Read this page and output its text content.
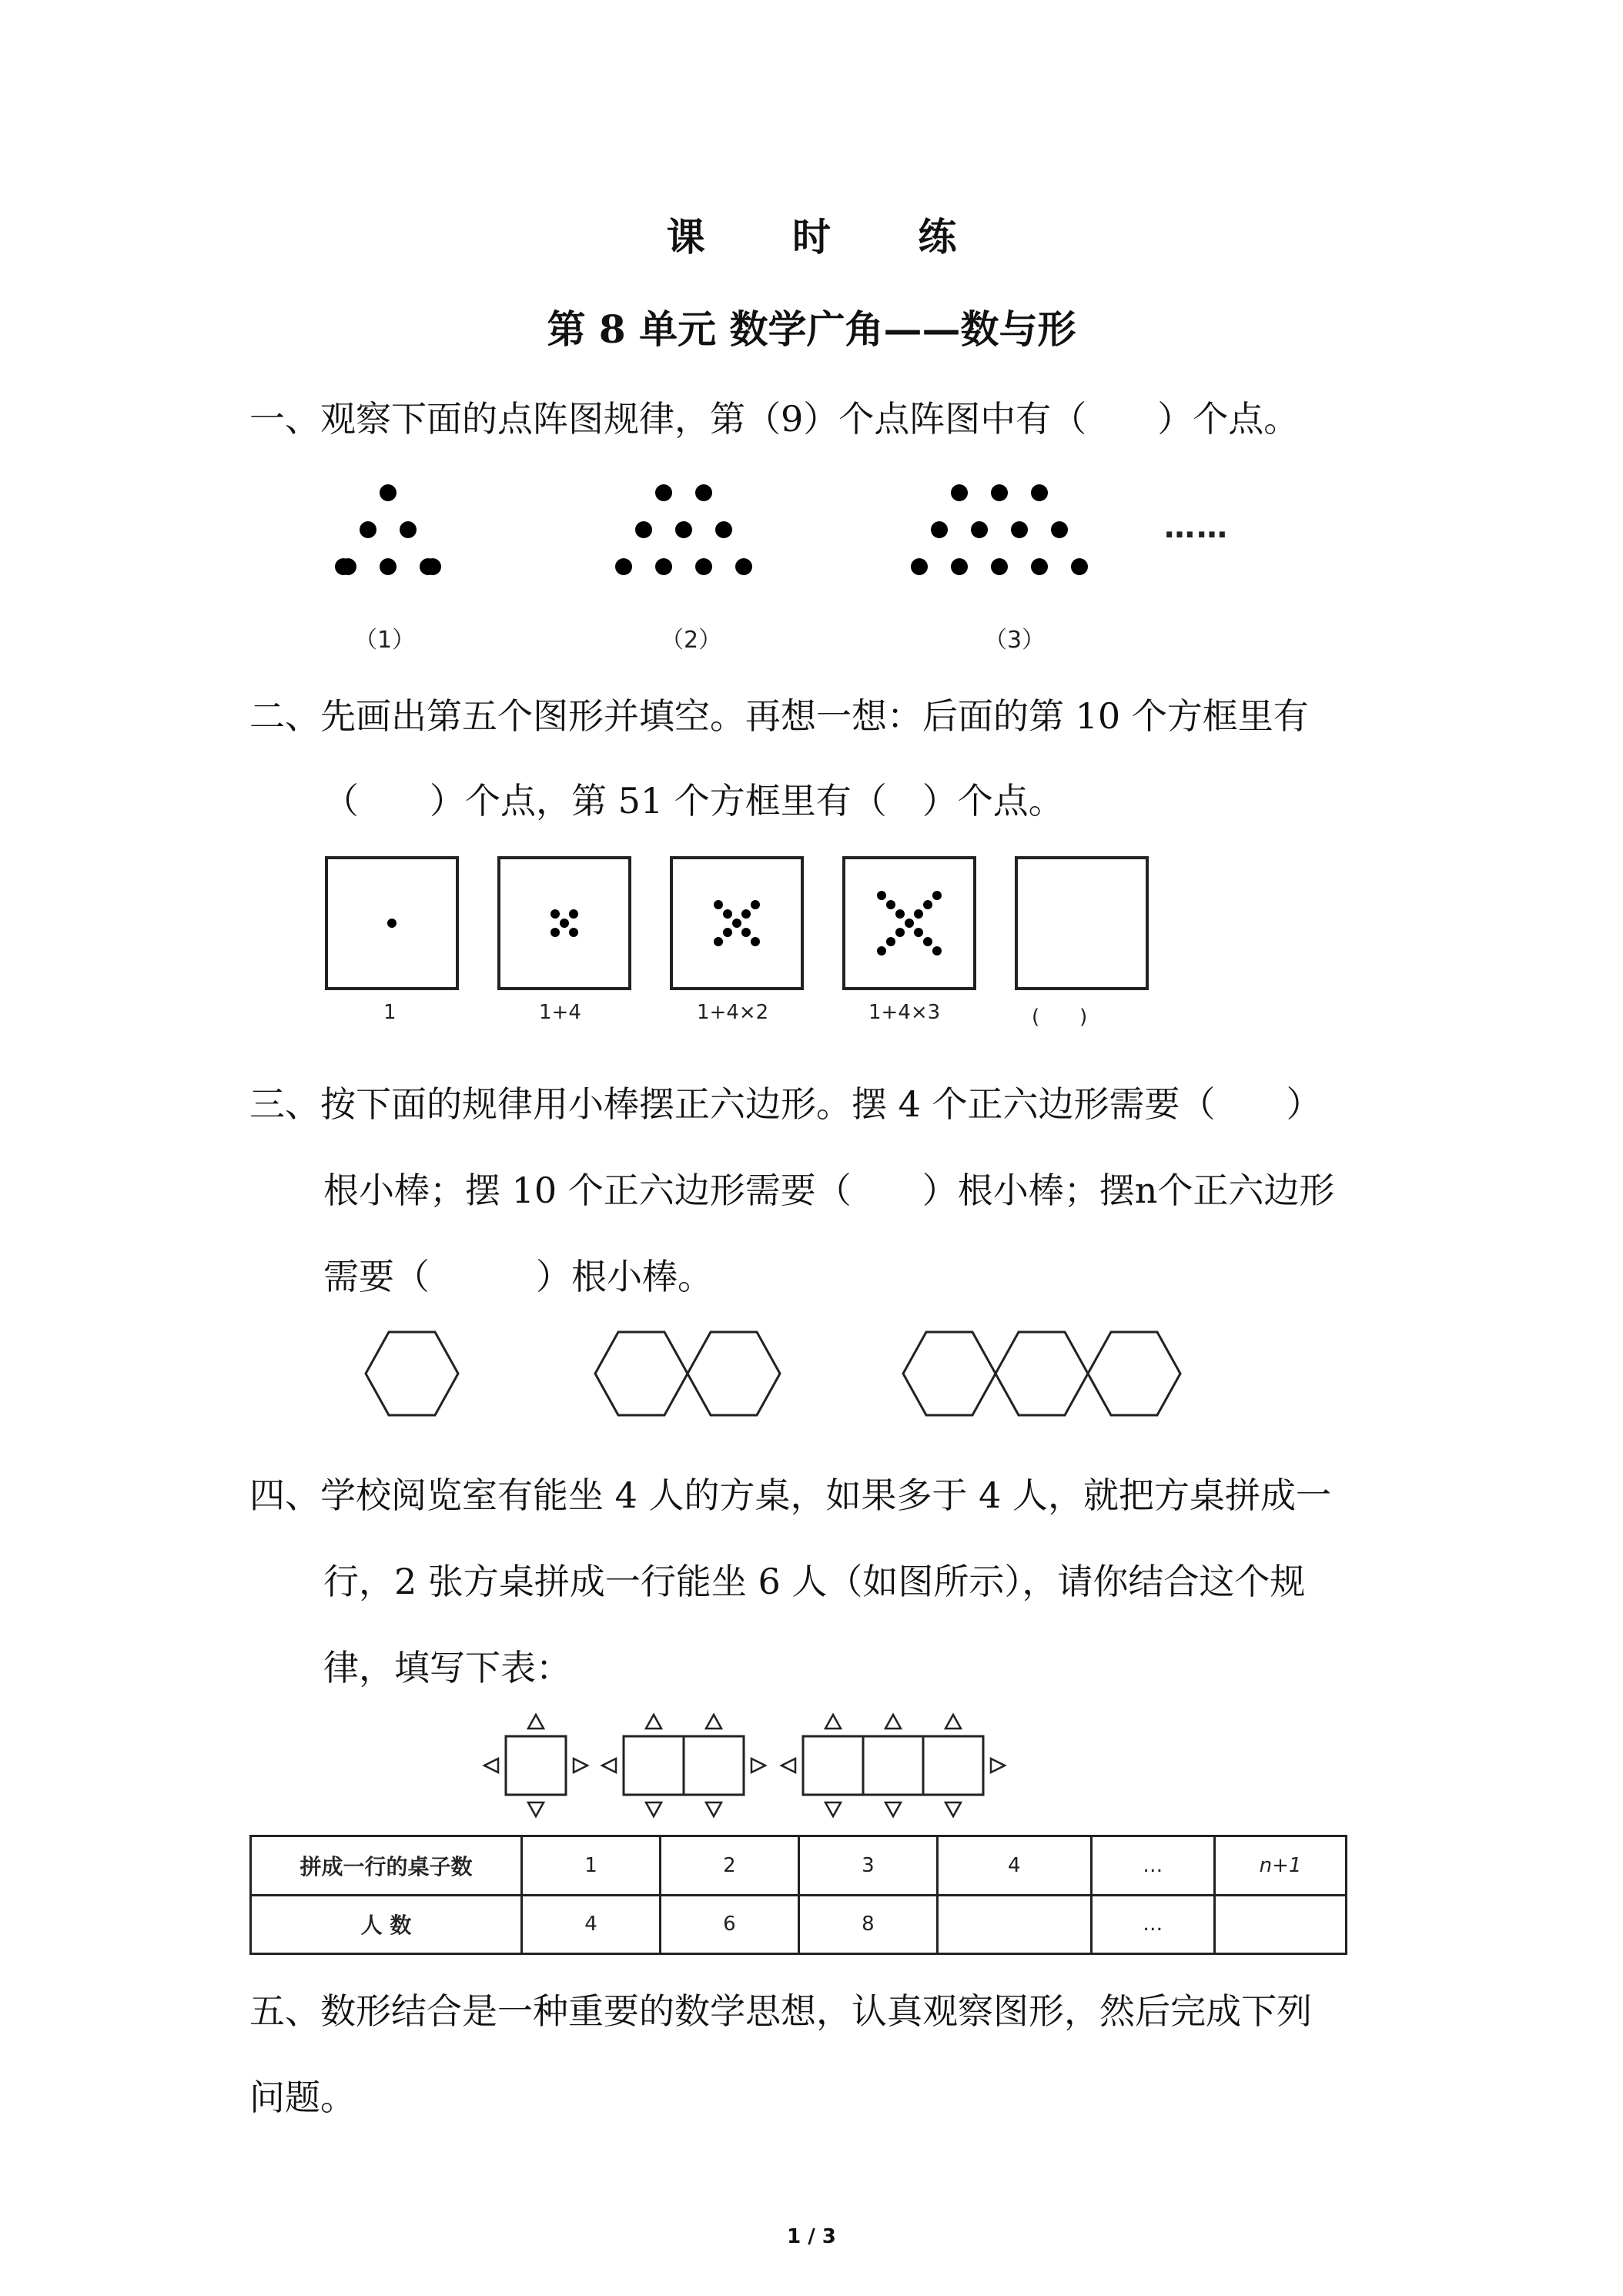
课 时 练
第 8 单元 数学广角——数与形
一、观察下面的点阵图规律，第（9）个点阵图中有（　　）个点。
（1）	（2）	（3）
……
二、先画出第五个图形并填空。再想一想：后面的第 10 个方框里有
（　　）个点，第 51 个方框里有（　）个点。
1	1+4	1+4×2	1+4×3	(　　)
三、按下面的规律用小棒摆正六边形。摆 4 个正六边形需要（　　）
根小棒；摆 10 个正六边形需要（　　）根小棒；摆n个正六边形
需要（　　　）根小棒。
四、学校阅览室有能坐 4 人的方桌，如果多于 4 人，就把方桌拼成一
行，2 张方桌拼成一行能坐 6 人（如图所示），请你结合这个规
律，填写下表：
拼成一行的桌子数	1	2	3	4	…	n+1
人 数	4	6	8		…	
五、数形结合是一种重要的数学思想，认真观察图形，然后完成下列
问题。
1 / 3
